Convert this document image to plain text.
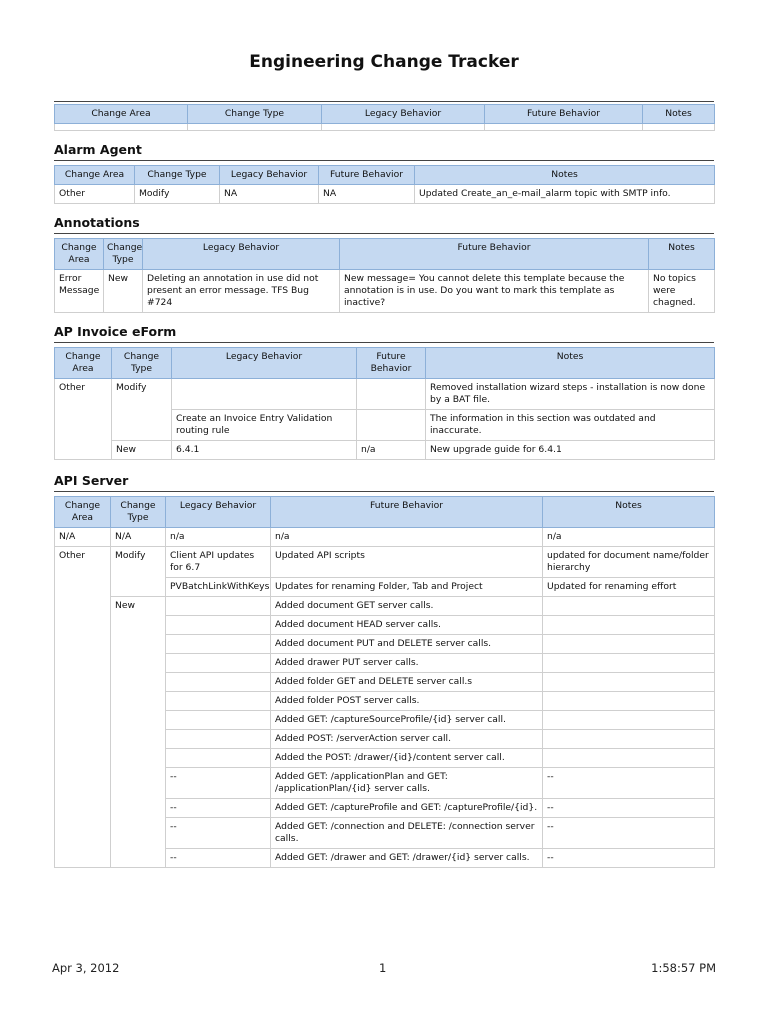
Engineering Change Tracker
Change Area	Change Type	Legacy Behavior	Future Behavior	Notes

Alarm Agent
Change Area	Change Type	Legacy Behavior	Future Behavior	Notes
Other	Modify	NA	NA	Updated Create_an_e-mail_alarm topic with SMTP info.
Annotations
Change Area	Change Type	Legacy Behavior	Future Behavior	Notes
Error Message	New	Deleting an annotation in use did not present an error message. TFS Bug #724	New message= You cannot delete this template because the annotation is in use. Do you want to mark this template as inactive?	No topics were chagned.
AP Invoice eForm
Change Area	Change Type	Legacy Behavior	Future Behavior	Notes
Other	Modify			Removed installation wizard steps - installation is now done by a BAT file.
		Create an Invoice Entry Validation routing rule		The information in this section was outdated and inaccurate.
	New	6.4.1	n/a	New upgrade guide for 6.4.1
API Server
Change Area	Change Type	Legacy Behavior	Future Behavior	Notes
N/A	N/A	n/a	n/a	n/a
Other	Modify	Client API updates for 6.7	Updated API scripts	updated for document name/folder hierarchy
		PVBatchLinkWithKeys	Updates for renaming Folder, Tab and Project	Updated for renaming effort
	New		Added document GET server calls.	
			Added document HEAD server calls.	
			Added document PUT and DELETE server calls.	
			Added drawer PUT server calls.	
			Added folder GET and DELETE server call.s	
			Added folder POST server calls.	
			Added GET: /captureSourceProfile/{id} server call.	
			Added POST: /serverAction server call.	
			Added the POST: /drawer/{id}/content server call.	
		--	Added GET: /applicationPlan and GET: /applicationPlan/{id} server calls.	--
		--	Added GET: /captureProfile and GET: /captureProfile/{id}.	--
		--	Added GET: /connection and DELETE: /connection server calls.	--
		--	Added GET: /drawer and GET: /drawer/{id} server calls.	--
Apr 3, 2012	1	1:58:57 PM
